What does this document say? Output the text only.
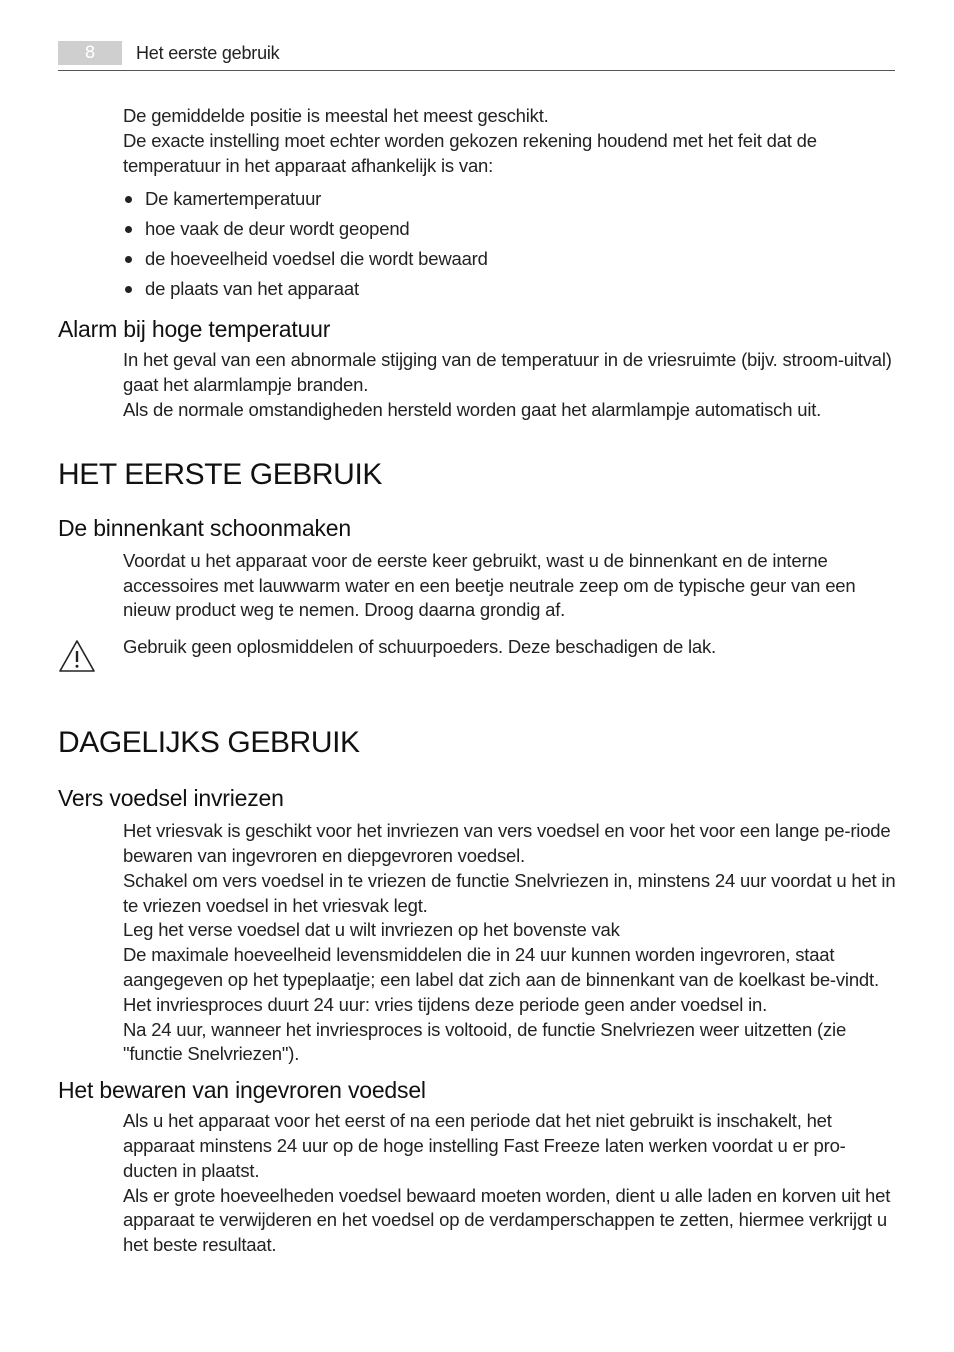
8	Het eerste gebruik

De gemiddelde positie is meestal het meest geschikt.

De exacte instelling moet echter worden gekozen rekening houdend met het feit dat de temperatuur in het apparaat afhankelijk is van:

De kamertemperatuur
hoe vaak de deur wordt geopend
de hoeveelheid voedsel die wordt bewaard
de plaats van het apparaat
Alarm bij hoge temperatuur

In het geval van een abnormale stijging van de temperatuur in de vriesruimte (bijv. stroom-uitval) gaat het alarmlampje branden.

Als de normale omstandigheden hersteld worden gaat het alarmlampje automatisch uit.

HET EERSTE GEBRUIK
De binnenkant schoonmaken

Voordat u het apparaat voor de eerste keer gebruikt, wast u de binnenkant en de interne accessoires met lauwwarm water en een beetje neutrale zeep om de typische geur van een nieuw product weg te nemen. Droog daarna grondig af.

Gebruik geen oplosmiddelen of schuurpoeders. Deze beschadigen de lak.
DAGELIJKS GEBRUIK
Vers voedsel invriezen

Het vriesvak is geschikt voor het invriezen van vers voedsel en voor het voor een lange pe-riode bewaren van ingevroren en diepgevroren voedsel.

Schakel om vers voedsel in te vriezen de functie Snelvriezen in, minstens 24 uur voordat u het in te vriezen voedsel in het vriesvak legt.

Leg het verse voedsel dat u wilt invriezen op het bovenste vak

De maximale hoeveelheid levensmiddelen die in 24 uur kunnen worden ingevroren, staat aangegeven op het typeplaatje; een label dat zich aan de binnenkant van de koelkast be-vindt.

Het invriesproces duurt 24 uur: vries tijdens deze periode geen ander voedsel in.

Na 24 uur, wanneer het invriesproces is voltooid, de functie Snelvriezen weer uitzetten (zie "functie Snelvriezen").

Het bewaren van ingevroren voedsel

Als u het apparaat voor het eerst of na een periode dat het niet gebruikt is inschakelt, het apparaat minstens 24 uur op de hoge instelling Fast Freeze laten werken voordat u er pro-ducten in plaatst.

Als er grote hoeveelheden voedsel bewaard moeten worden, dient u alle laden en korven uit het apparaat te verwijderen en het voedsel op de verdamperschappen te zetten, hiermee verkrijgt u het beste resultaat.
